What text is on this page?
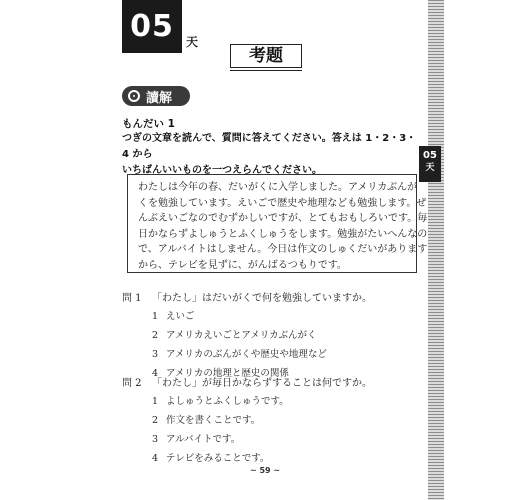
05 天
考题
讀解
もんだい 1
つぎの文章を読んで、質問に答えてください。答えは 1・2・3・4 から
いちばんいいものを一つえらんでください。
わたしは今年の春、だいがくに入学しました。アメリカぶんが
くを勉強しています。えいごで歴史や地理なども勉強します。ぜ
んぶえいごなのでむずかしいですが、とてもおもしろいです。毎
日かならずよしゅうとふくしゅうをします。勉強がたいへんなの
で、アルバイトはしません。今日は作文のしゅくだいがあります
から、テレビを見ずに、がんばるつもりです。
問 1	「わたし」はだいがくで何を勉強していますか。
1 えいご
2 アメリカえいごとアメリカぶんがく
3 アメリカのぶんがくや歴史や地理など
4 アメリカの地理と歴史の関係
問 2	「わたし」が毎日かならずすることは何ですか。
1 よしゅうとふくしゅうです。
2 作文を書くことです。
3 アルバイトです。
4 テレビをみることです。
~ 59 ~
05
天
